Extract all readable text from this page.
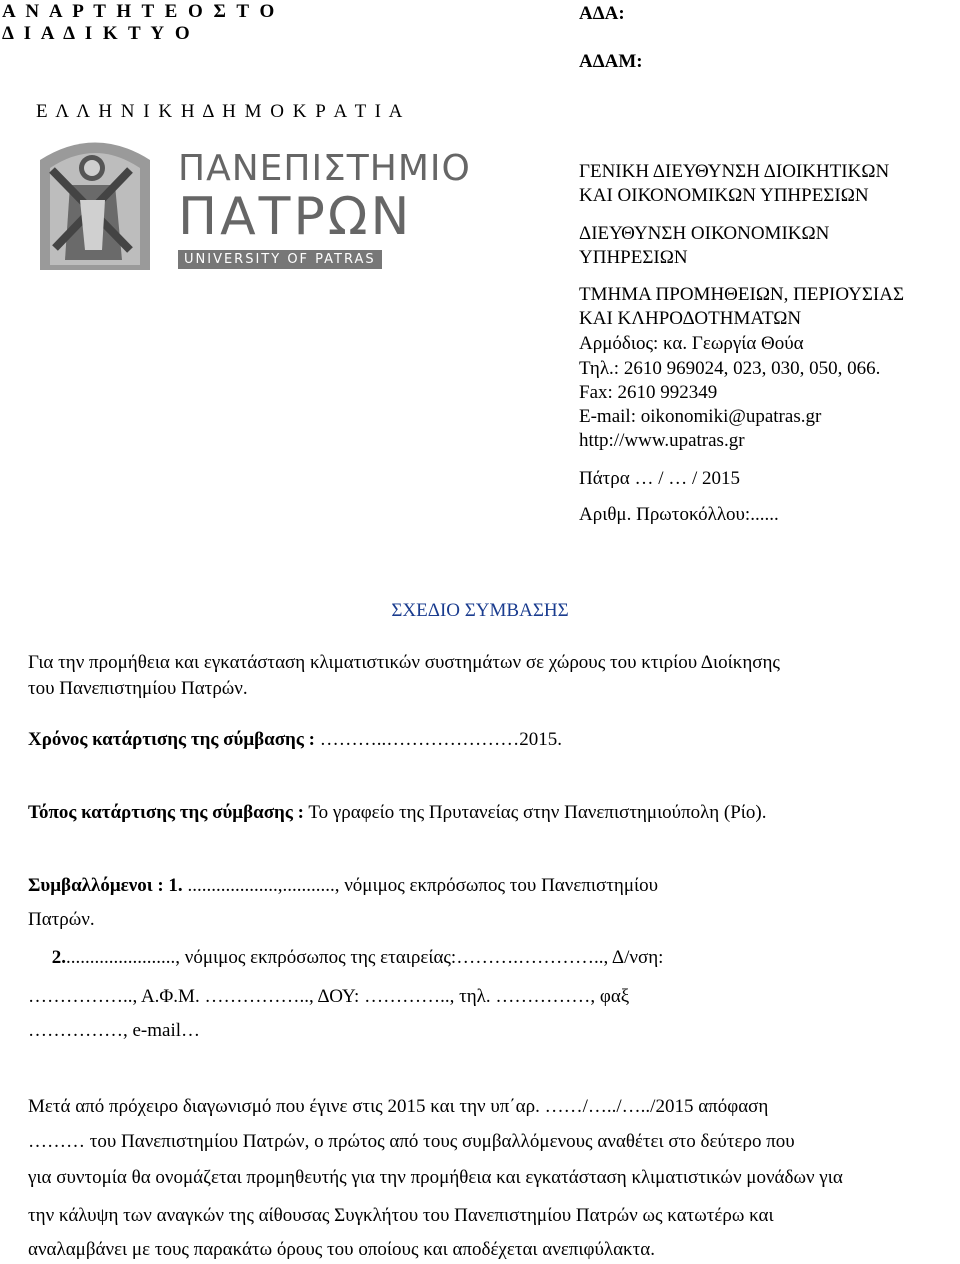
Α Ν Α Ρ Τ Η Τ Ε Ο Σ Τ Ο
Δ Ι Α Δ Ι Κ Τ Υ Ο
ΑΔΑ:
ΑΔΑΜ:
Ε Λ Λ Η Ν Ι Κ Η Δ Η Μ Ο Κ Ρ Α Τ Ι Α
ΠΑΝΕΠΙΣΤΗΜΙΟ
ΠΑΤΡΩΝ
UNIVERSITY OF PATRAS
ΓΕΝΙΚΗ ΔΙΕΥΘΥΝΣΗ ΔΙΟΙΚΗΤΙΚΩΝ
ΚΑΙ ΟΙΚΟΝΟΜΙΚΩΝ ΥΠΗΡΕΣΙΩΝ
ΔΙΕΥΘΥΝΣΗ ΟΙΚΟΝΟΜΙΚΩΝ
ΥΠΗΡΕΣΙΩΝ
ΤΜΗΜΑ ΠΡΟΜΗΘΕΙΩΝ, ΠΕΡΙΟΥΣΙΑΣ
ΚΑΙ ΚΛΗΡΟΔΟΤΗΜΑΤΩΝ
Αρμόδιος: κα. Γεωργία Θούα
Τηλ.: 2610 969024, 023, 030, 050, 066.
Fax: 2610 992349
E-mail: oikonomiki@upatras.gr
http://www.upatras.gr
Πάτρα … / … / 2015
Αριθμ. Πρωτοκόλλου:......
ΣΧΕΔΙΟ ΣΥΜΒΑΣΗΣ
Για την προμήθεια και εγκατάσταση κλιματιστικών συστημάτων σε χώρους του κτιρίου Διοίκησης
του Πανεπιστημίου Πατρών.
Χρόνος κατάρτισης της σύμβασης : ………..…………………2015.
Τόπος κατάρτισης της σύμβασης : Το γραφείο της Πρυτανείας στην Πανεπιστημιούπολη (Ρίο).
Συμβαλλόμενοι : 1. ...................,..........., νόμιμος εκπρόσωπος του Πανεπιστημίου
Πατρών.
2........................, νόμιμος εκπρόσωπος της εταιρείας:……….………….., Δ/νση:
…………….., Α.Φ.Μ. …………….., ΔΟΥ: ………….., τηλ. ……………, φαξ
……………, e-mail…
Μετά από πρόχειρο διαγωνισμό που έγινε στις 2015 και την υπ΄αρ. ……/…../…../2015 απόφαση
……… του Πανεπιστημίου Πατρών, ο πρώτος από τους συμβαλλόμενους αναθέτει στο δεύτερο που
για συντομία θα ονομάζεται προμηθευτής για την προμήθεια και εγκατάσταση κλιματιστικών μονάδων για
την κάλυψη των αναγκών της αίθουσας Συγκλήτου του Πανεπιστημίου Πατρών ως κατωτέρω και
αναλαμβάνει με τους παρακάτω όρους του οποίους και αποδέχεται ανεπιφύλακτα.
